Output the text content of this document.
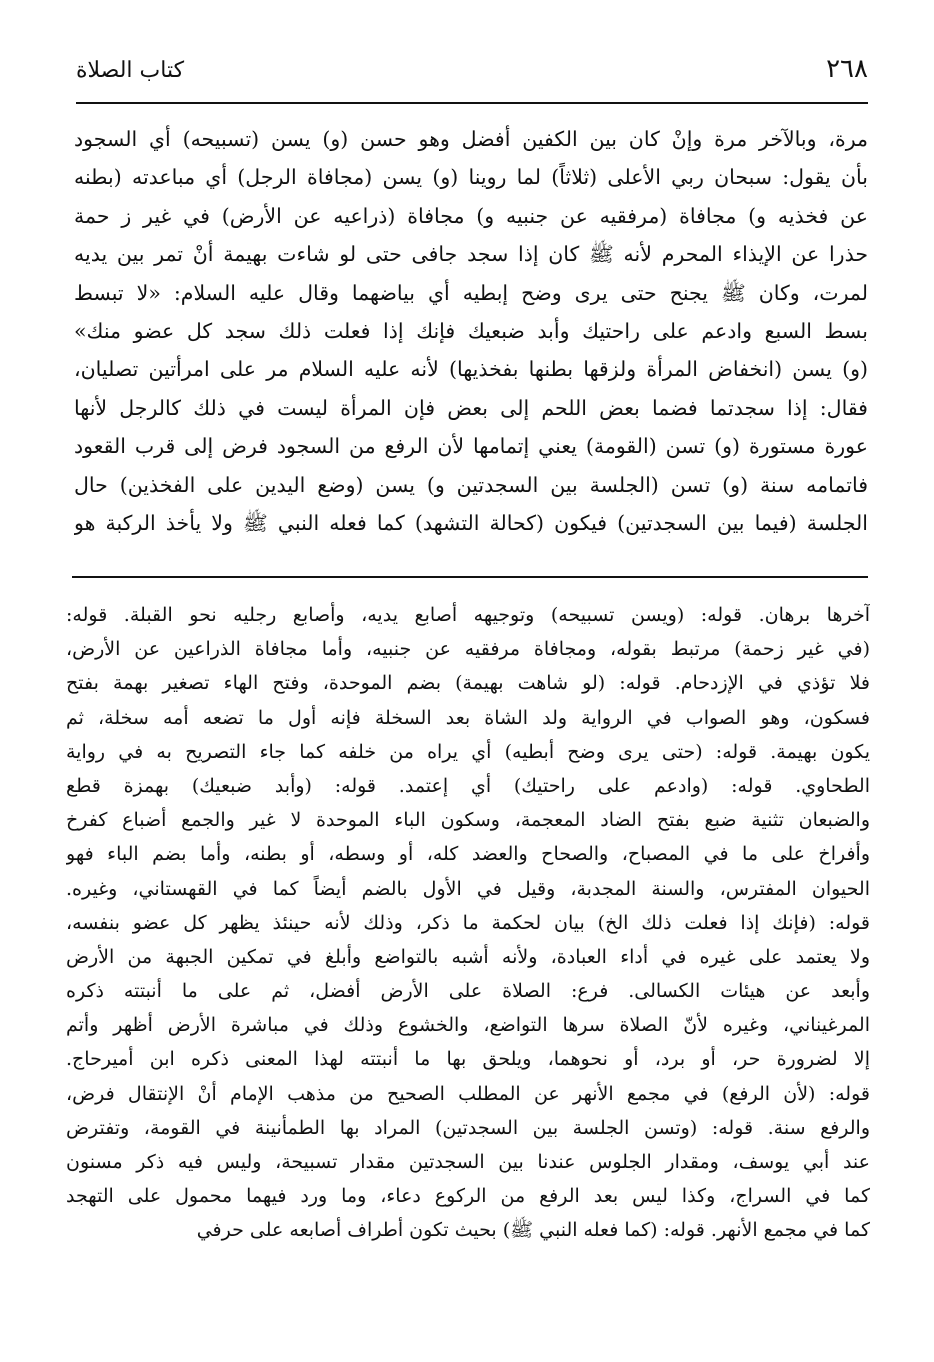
٢٦٨
كتاب الصلاة
مرة، وبالآخر مرة وإنْ كان بين الكفين أفضل وهو حسن (و) يسن (تسبيحه) أي السجود
بأن يقول: سبحان ربي الأعلى (ثلاثاً) لما روينا (و) يسن (مجافاة الرجل) أي مباعدته (بطنه
عن فخذيه و) مجافاة (مرفقيه عن جنبيه و) مجافاة (ذراعيه عن الأرض) في غير ز حمة
حذرا عن الإيذاء المحرم لأنه ﷺ كان إذا سجد جافى حتى لو شاءت بهيمة أنْ تمر بين يديه
لمرت، وكان ﷺ يجنح حتى يرى وضح إبطيه أي بياضهما وقال عليه السلام: «لا تبسط
بسط السبع وادعم على راحتيك وأبد ضبعيك فإنك إذا فعلت ذلك سجد كل عضو منك»
(و) يسن (انخفاض المرأة ولزقها بطنها بفخذيها) لأنه عليه السلام مر على امرأتين تصليان،
فقال: إذا سجدتما فضما بعض اللحم إلى بعض فإن المرأة ليست في ذلك كالرجل لأنها
عورة مستورة (و) تسن (القومة) يعني إتمامها لأن الرفع من السجود فرض إلى قرب القعود
فاتمامه سنة (و) تسن (الجلسة بين السجدتين و) يسن (وضع اليدين على الفخذين) حال
الجلسة (فيما بين السجدتين) فيكون (كحالة التشهد) كما فعله النبي ﷺ ولا يأخذ الركبة هو
آخرها برهان. قوله: (ويسن تسبيحه) وتوجيهه أصابع يديه، وأصابع رجليه نحو القبلة. قوله:
(في غير زحمة) مرتبط بقوله، ومجافاة مرفقيه عن جنبيه، وأما مجافاة الذراعين عن الأرض،
فلا تؤذي في الإزدحام. قوله: (لو شاهت بهيمة) بضم الموحدة، وفتح الهاء تصغير بهمة بفتح
فسكون، وهو الصواب في الرواية ولد الشاة بعد السخلة فإنه أول ما تضعه أمه سخلة، ثم
يكون بهيمة. قوله: (حتى يرى وضح أبطيه) أي يراه من خلفه كما جاء التصريح به في رواية
الطحاوي. قوله: (وادعم على راحتيك) أي إعتمد. قوله: (وأبد ضبعيك) بهمزة قطع
والضبعان تثنية ضبع بفتح الضاد المعجمة، وسكون الباء الموحدة لا غير والجمع أضباع كفرخ
وأفراخ على ما في المصباح، والصحاح والعضد كله، أو وسطه، أو بطنه، وأما بضم الباء فهو
الحيوان المفترس، والسنة المجدبة، وقيل في الأول بالضم أيضاً كما في القهستاني، وغيره.
قوله: (فإنك إذا فعلت ذلك الخ) بيان لحكمة ما ذكر، وذلك لأنه حينئذ يظهر كل عضو بنفسه،
ولا يعتمد على غيره في أداء العبادة، ولأنه أشبه بالتواضع وأبلغ في تمكين الجبهة من الأرض
وأبعد عن هيئات الكسالى. فرع: الصلاة على الأرض أفضل، ثم على ما أنبتته ذكره
المرغيناني، وغيره لأنّ الصلاة سرها التواضع، والخشوع وذلك في مباشرة الأرض أظهر وأتم
إلا لضرورة حر، أو برد، أو نحوهما، ويلحق بها ما أنبتته لهذا المعنى ذكره ابن أميرحاج.
قوله: (لأن الرفع) في مجمع الأنهر عن المطلب الصحيح من مذهب الإمام أنْ الإنتقال فرض،
والرفع سنة. قوله: (وتسن الجلسة بين السجدتين) المراد بها الطمأنينة في القومة، وتفترض
عند أبي يوسف، ومقدار الجلوس عندنا بين السجدتين مقدار تسبيحة، وليس فيه ذكر مسنون
كما في السراج، وكذا ليس بعد الرفع من الركوع دعاء، وما ورد فيهما محمول على التهجد
كما في مجمع الأنهر. قوله: (كما فعله النبي ﷺ) بحيث تكون أطراف أصابعه على حرفي
